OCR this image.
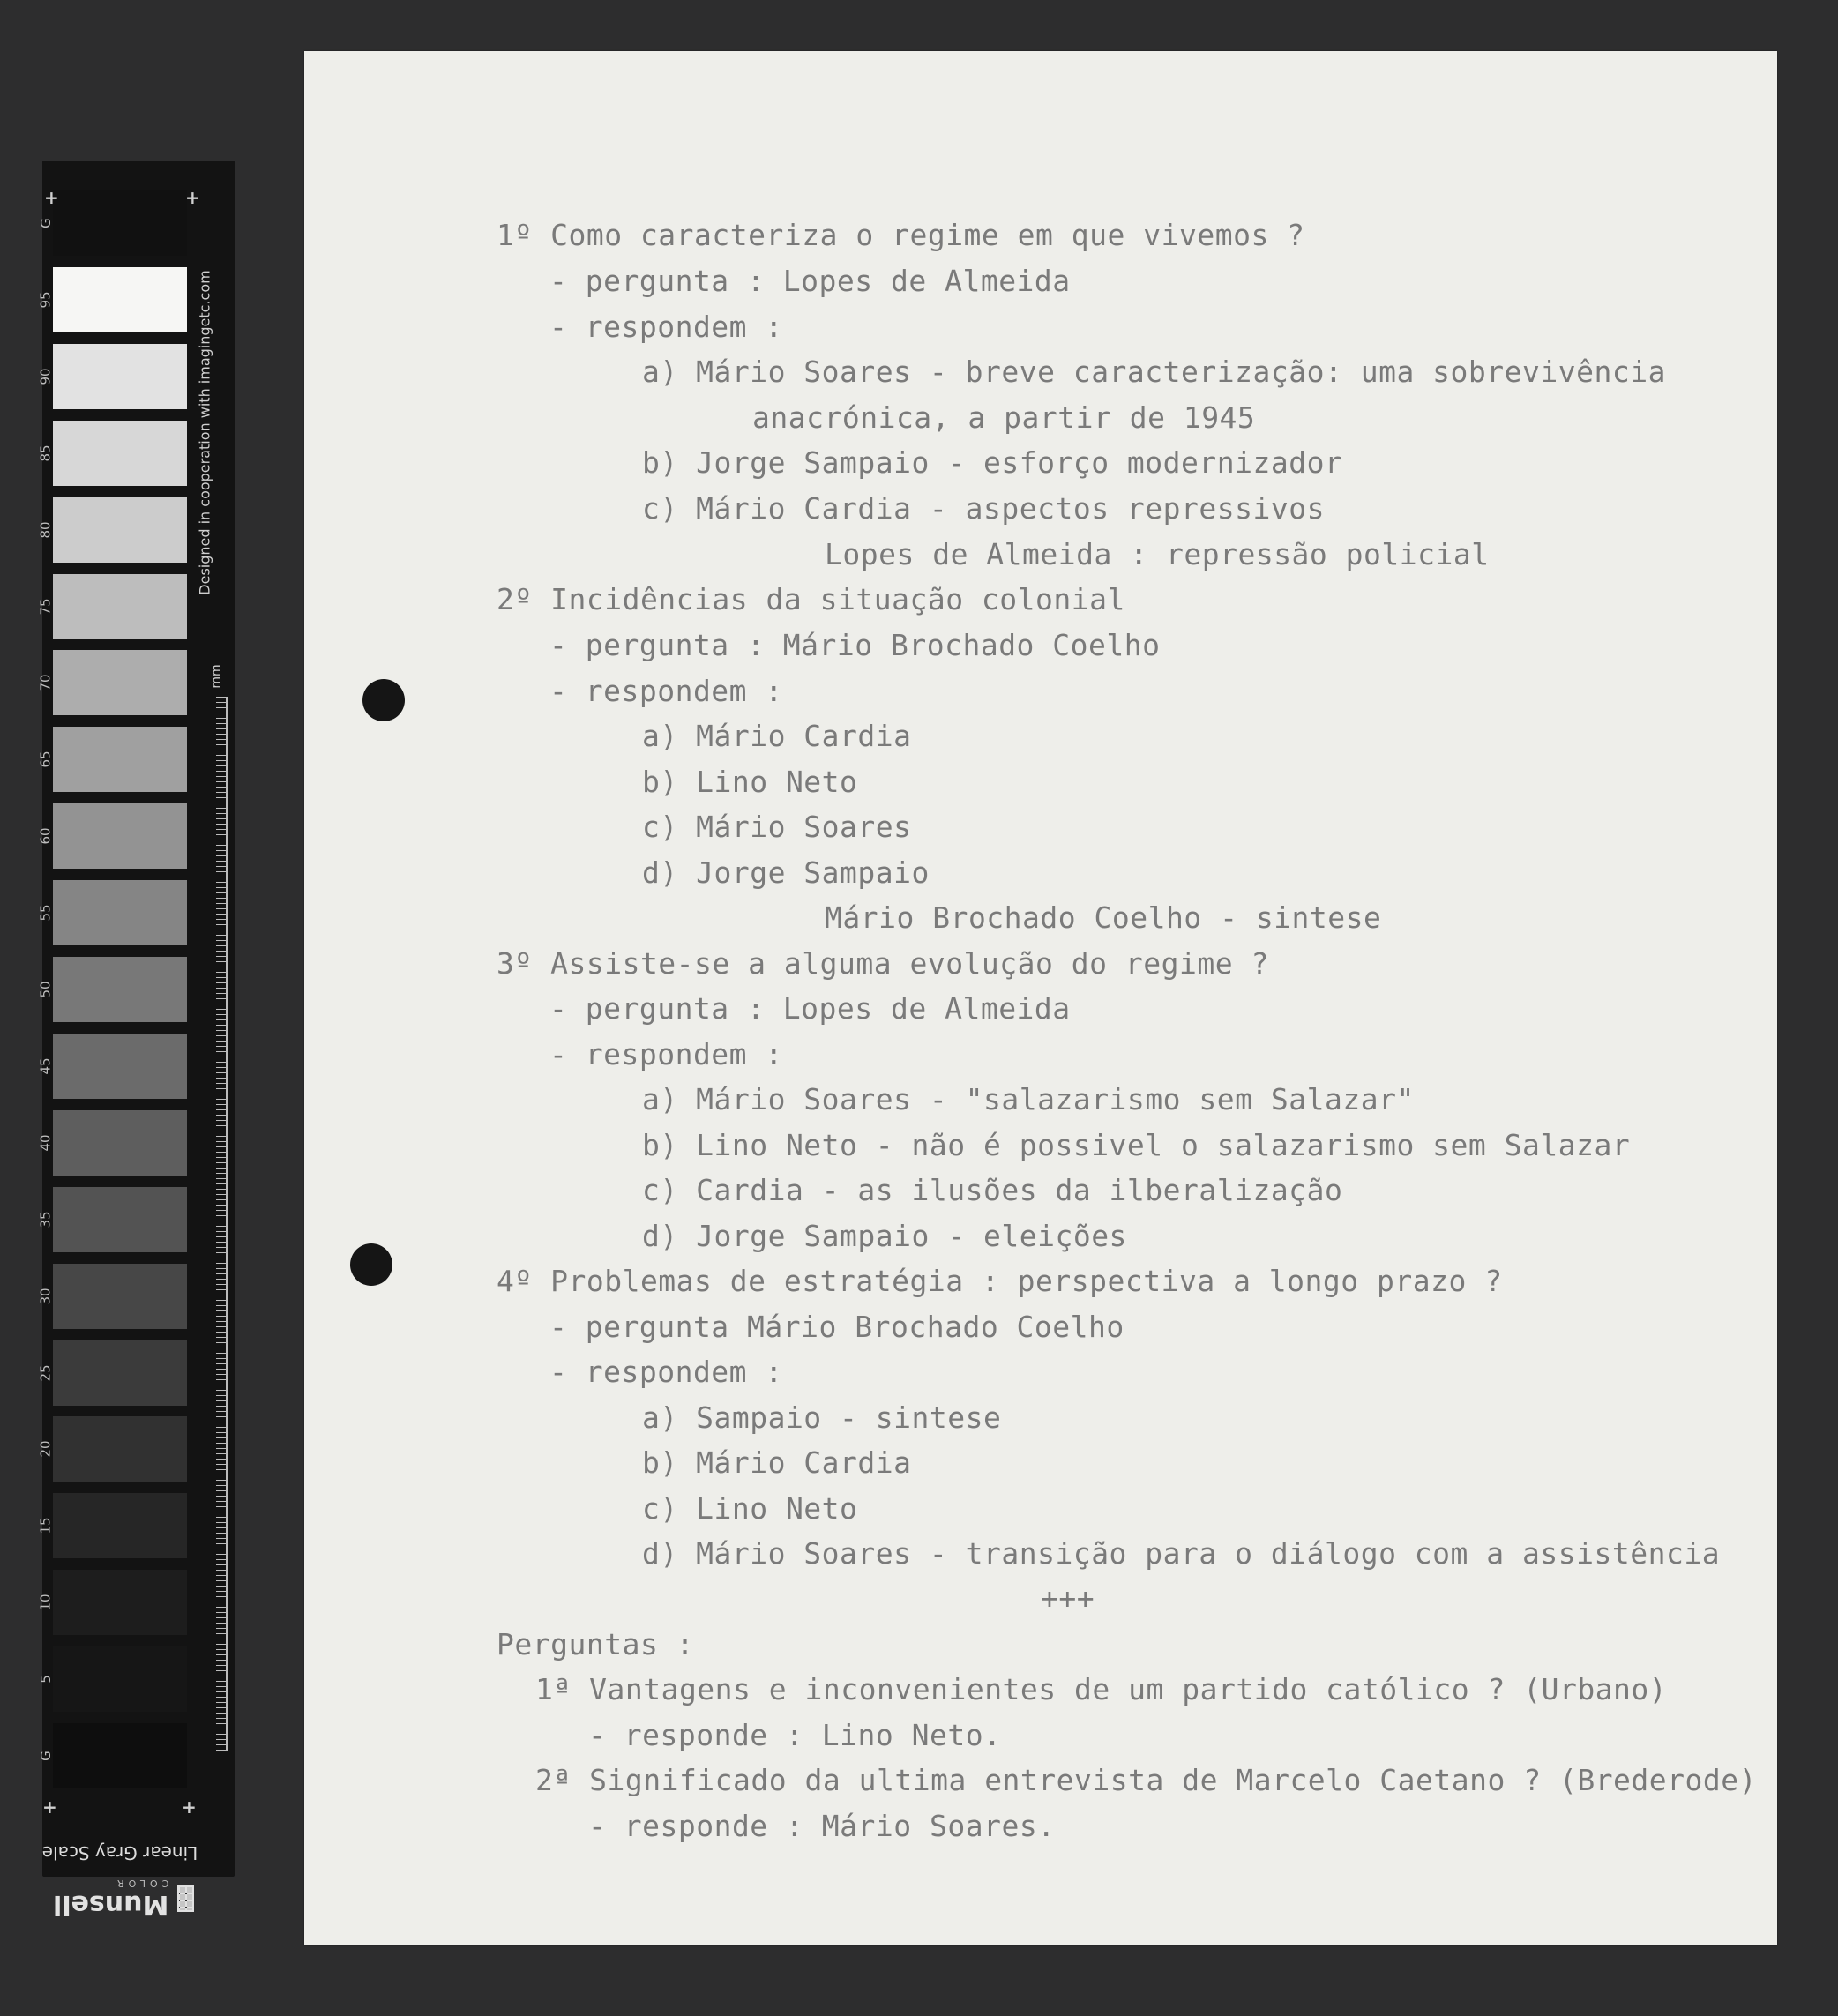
G
95
90
85
80
75
70
65
60
55
50
45
40
35
30
25
20
15
10
5
G
+	+
+	+
Designed in cooperation with imagingetc.com
mm
Linear Gray Scale
Munsell
COLOR
1º Como caracteriza o regime em que vivemos ?
- pergunta : Lopes de Almeida
- respondem :
a) Mário Soares - breve caracterização: uma sobrevivência
anacrónica, a partir de 1945
b) Jorge Sampaio - esforço modernizador
c) Mário Cardia - aspectos repressivos
Lopes de Almeida : repressão policial
2º Incidências da situação colonial
- pergunta : Mário Brochado Coelho
- respondem :
a) Mário Cardia
b) Lino Neto
c) Mário Soares
d) Jorge Sampaio
Mário Brochado Coelho - sintese
3º Assiste-se a alguma evolução do regime ?
- pergunta : Lopes de Almeida
- respondem :
a) Mário Soares - "salazarismo sem Salazar"
b) Lino Neto - não é possivel o salazarismo sem Salazar
c) Cardia - as ilusões da ilberalização
d) Jorge Sampaio - eleições
4º Problemas de estratégia : perspectiva a longo prazo ?
- pergunta Mário Brochado Coelho
- respondem :
a) Sampaio - sintese
b) Mário Cardia
c) Lino Neto
d) Mário Soares - transição para o diálogo com a assistência
+++
Perguntas :
1ª Vantagens e inconvenientes de um partido católico ? (Urbano)
- responde : Lino Neto.
2ª Significado da ultima entrevista de Marcelo Caetano ? (Brederode)
- responde : Mário Soares.
